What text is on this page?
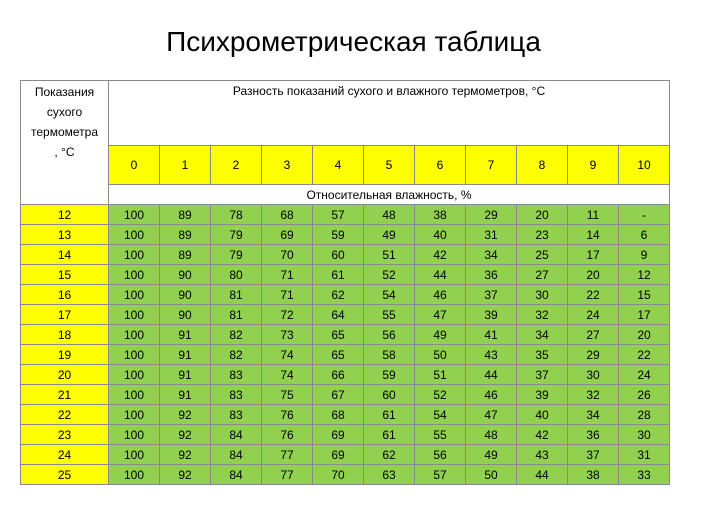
Психрометрическая таблица
Показания
сухого
термометра
, °С	Разность показаний сухого и влажного термометров, °С										
	0	1	2	3	4	5	6	7	8	9	10
	Относительная влажность, %										
12	100	89	78	68	57	48	38	29	20	11	-
13	100	89	79	69	59	49	40	31	23	14	6
14	100	89	79	70	60	51	42	34	25	17	9
15	100	90	80	71	61	52	44	36	27	20	12
16	100	90	81	71	62	54	46	37	30	22	15
17	100	90	81	72	64	55	47	39	32	24	17
18	100	91	82	73	65	56	49	41	34	27	20
19	100	91	82	74	65	58	50	43	35	29	22
20	100	91	83	74	66	59	51	44	37	30	24
21	100	91	83	75	67	60	52	46	39	32	26
22	100	92	83	76	68	61	54	47	40	34	28
23	100	92	84	76	69	61	55	48	42	36	30
24	100	92	84	77	69	62	56	49	43	37	31
25	100	92	84	77	70	63	57	50	44	38	33
